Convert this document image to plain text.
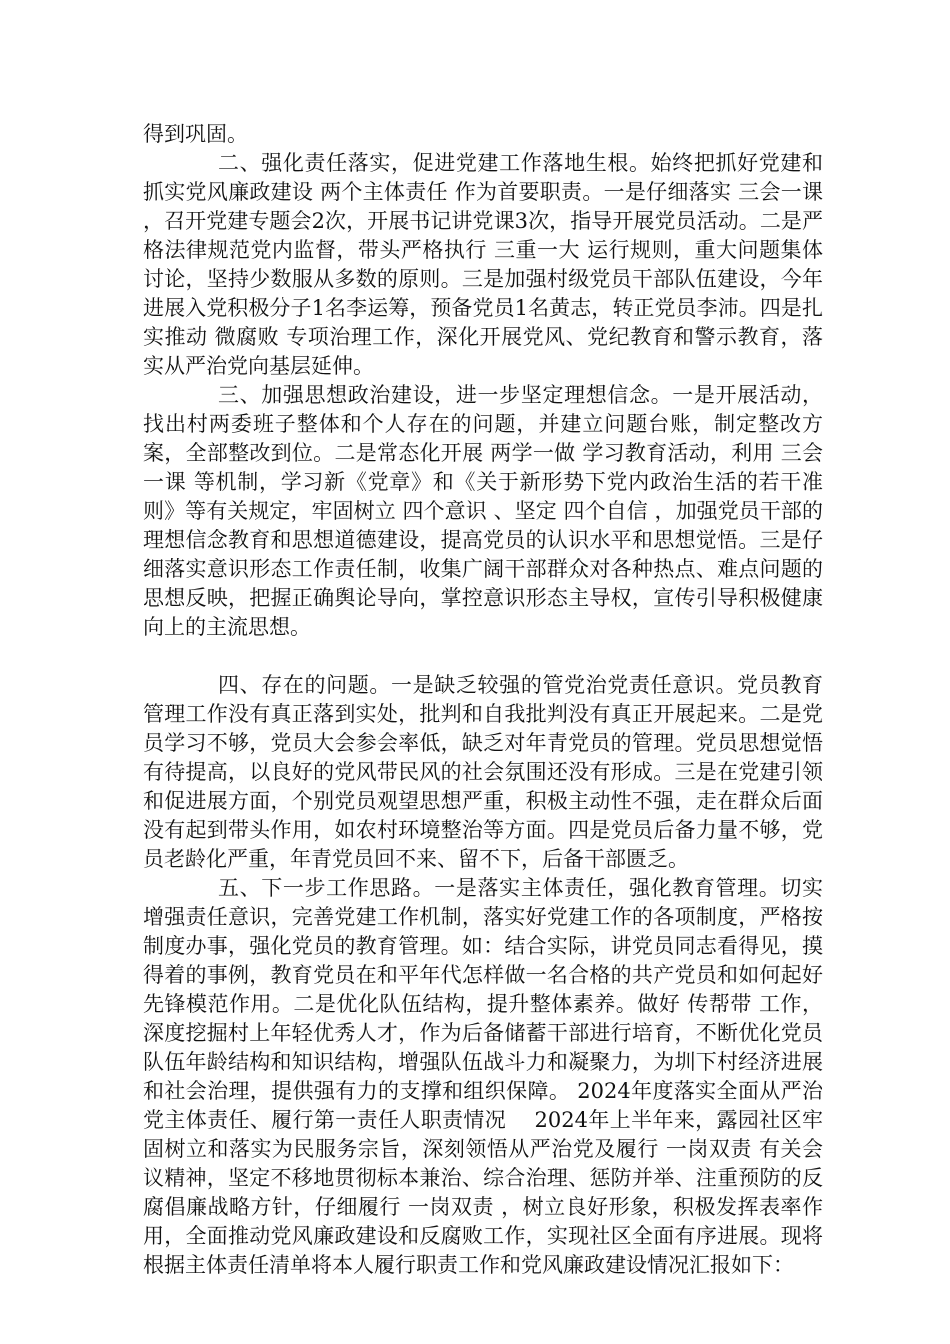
得到巩固。

二、强化责任落实，促进党建工作落地生根。始终把抓好党建和抓实党风廉政建设 两个主体责任 作为首要职责。一是仔细落实 三会一课 ，召开党建专题会2次，开展书记讲党课3次，指导开展党员活动。二是严格法律规范党内监督，带头严格执行 三重一大 运行规则，重大问题集体讨论，坚持少数服从多数的原则。三是加强村级党员干部队伍建设，今年进展入党积极分子1名李运筹，预备党员1名黄志，转正党员李沛。四是扎实推动 微腐败 专项治理工作，深化开展党风、党纪教育和警示教育，落实从严治党向基层延伸。

三、加强思想政治建设，进一步坚定理想信念。一是开展活动，找出村两委班子整体和个人存在的问题，并建立问题台账，制定整改方案，全部整改到位。二是常态化开展 两学一做 学习教育活动，利用 三会一课 等机制，学习新《党章》和《关于新形势下党内政治生活的若干准则》等有关规定，牢固树立 四个意识 、坚定 四个自信 ，加强党员干部的理想信念教育和思想道德建设，提高党员的认识水平和思想觉悟。三是仔细落实意识形态工作责任制，收集广阔干部群众对各种热点、难点问题的思想反映，把握正确舆论导向，掌控意识形态主导权，宣传引导积极健康向上的主流思想。

四、存在的问题。一是缺乏较强的管党治党责任意识。党员教育管理工作没有真正落到实处，批判和自我批判没有真正开展起来。二是党员学习不够，党员大会参会率低，缺乏对年青党员的管理。党员思想觉悟有待提高，以良好的党风带民风的社会氛围还没有形成。三是在党建引领和促进展方面，个别党员观望思想严重，积极主动性不强，走在群众后面没有起到带头作用，如农村环境整治等方面。四是党员后备力量不够，党员老龄化严重，年青党员回不来、留不下，后备干部匮乏。

五、下一步工作思路。一是落实主体责任，强化教育管理。切实增强责任意识，完善党建工作机制，落实好党建工作的各项制度，严格按制度办事，强化党员的教育管理。如：结合实际，讲党员同志看得见，摸得着的事例，教育党员在和平年代怎样做一名合格的共产党员和如何起好先锋模范作用。二是优化队伍结构，提升整体素养。做好 传帮带 工作，深度挖掘村上年轻优秀人才，作为后备储蓄干部进行培育，不断优化党员队伍年龄结构和知识结构，增强队伍战斗力和凝聚力，为圳下村经济进展和社会治理，提供强有力的支撑和组织保障。 2024年度落实全面从严治党主体责任、履行第一责任人职责情况　 2024年上半年来，露园社区牢固树立和落实为民服务宗旨，深刻领悟从严治党及履行 一岗双责 有关会议精神，坚定不移地贯彻标本兼治、综合治理、惩防并举、注重预防的反腐倡廉战略方针，仔细履行 一岗双责 ，树立良好形象，积极发挥表率作用，全面推动党风廉政建设和反腐败工作，实现社区全面有序进展。现将根据主体责任清单将本人履行职责工作和党风廉政建设情况汇报如下：
